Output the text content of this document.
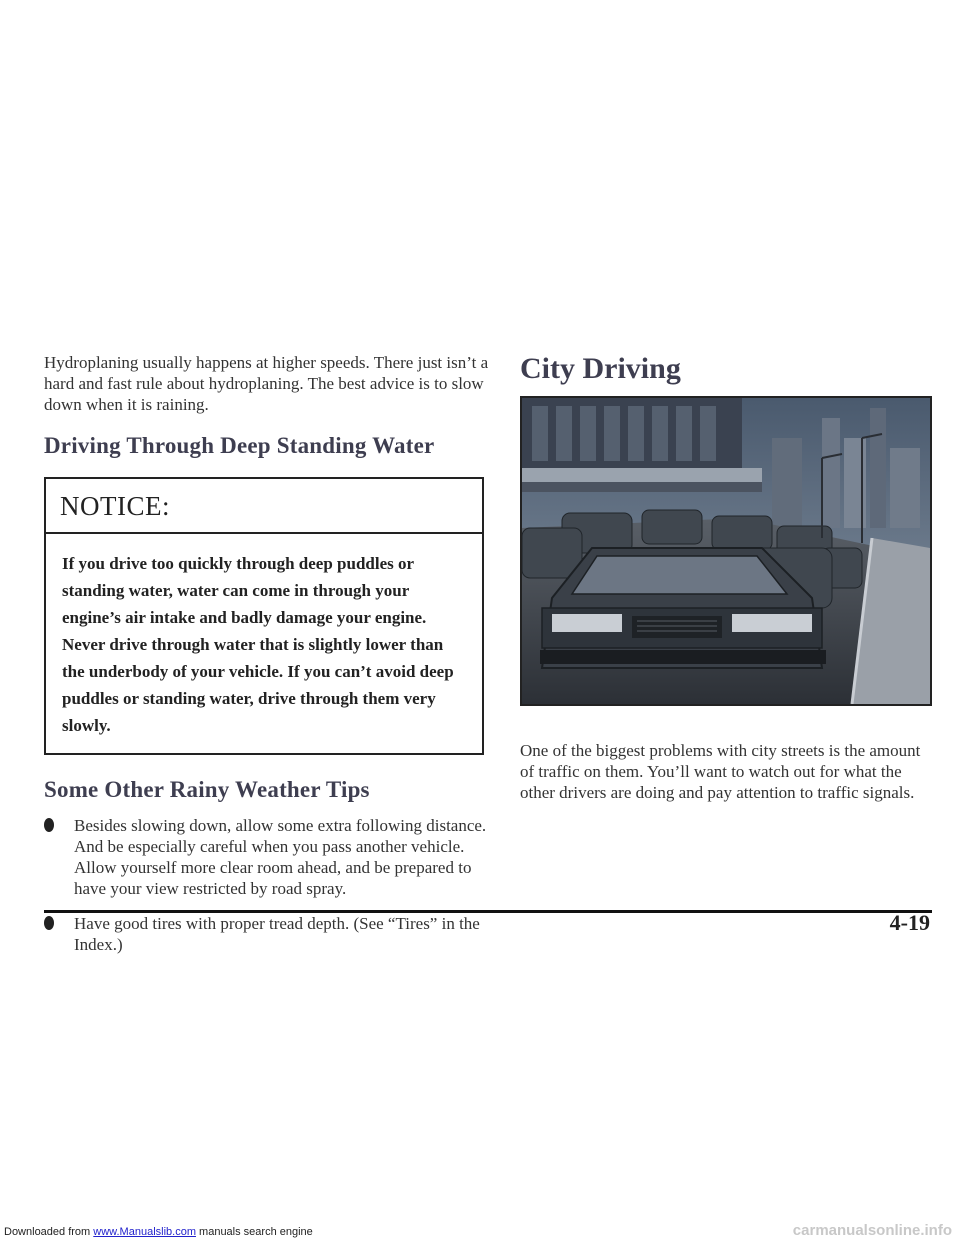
Hydroplaning usually happens at higher speeds. There just isn’t a hard and fast rule about hydroplaning. The best advice is to slow down when it is raining.

Driving Through Deep Standing Water
NOTICE:
If you drive too quickly through deep puddles or standing water, water can come in through your engine’s air intake and badly damage your engine. Never drive through water that is slightly lower than the underbody of your vehicle. If you can’t avoid deep puddles or standing water, drive through them very slowly.
Some Other Rainy Weather Tips
Besides slowing down, allow some extra following distance. And be especially careful when you pass another vehicle. Allow yourself more clear room ahead, and be prepared to have your view restricted by road spray.
Have good tires with proper tread depth. (See “Tires” in the Index.)
City Driving

One of the biggest problems with city streets is the amount of traffic on them. You’ll want to watch out for what the other drivers are doing and pay attention to traffic signals.

4-19
Downloaded from www.Manualslib.com manuals search engine	carmanualsonline.info
